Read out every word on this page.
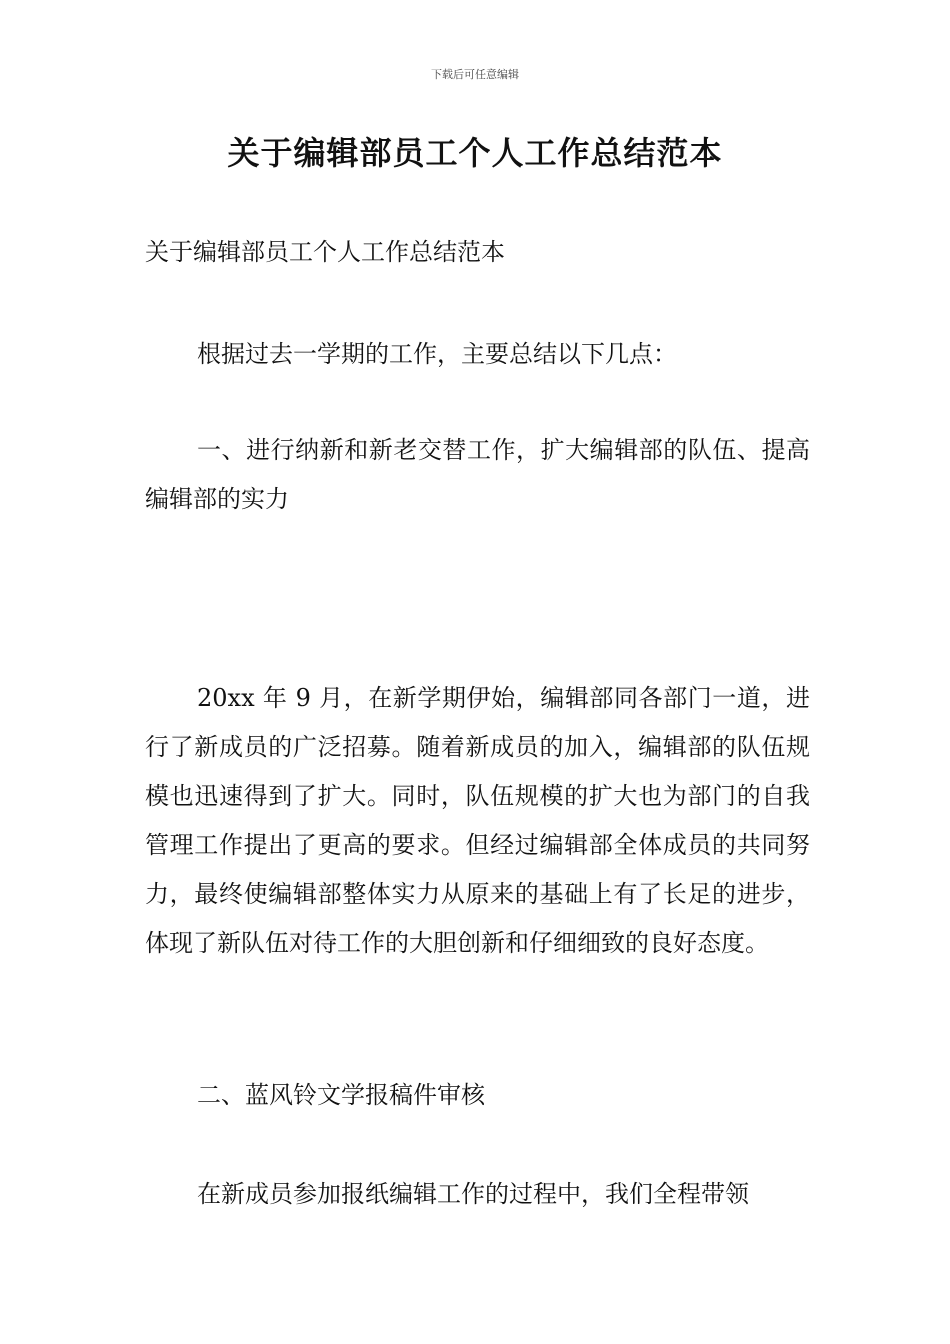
下载后可任意编辑
关于编辑部员工个人工作总结范本

关于编辑部员工个人工作总结范本

根据过去一学期的工作，主要总结以下几点：

一、进行纳新和新老交替工作，扩大编辑部的队伍、提高编辑部的实力

20xx 年 9 月，在新学期伊始，编辑部同各部门一道，进行了新成员的广泛招募。随着新成员的加入，编辑部的队伍规模也迅速得到了扩大。同时，队伍规模的扩大也为部门的自我管理工作提出了更高的要求。但经过编辑部全体成员的共同努力，最终使编辑部整体实力从原来的基础上有了长足的进步，体现了新队伍对待工作的大胆创新和仔细细致的良好态度。

二、蓝风铃文学报稿件审核

在新成员参加报纸编辑工作的过程中，我们全程带领
